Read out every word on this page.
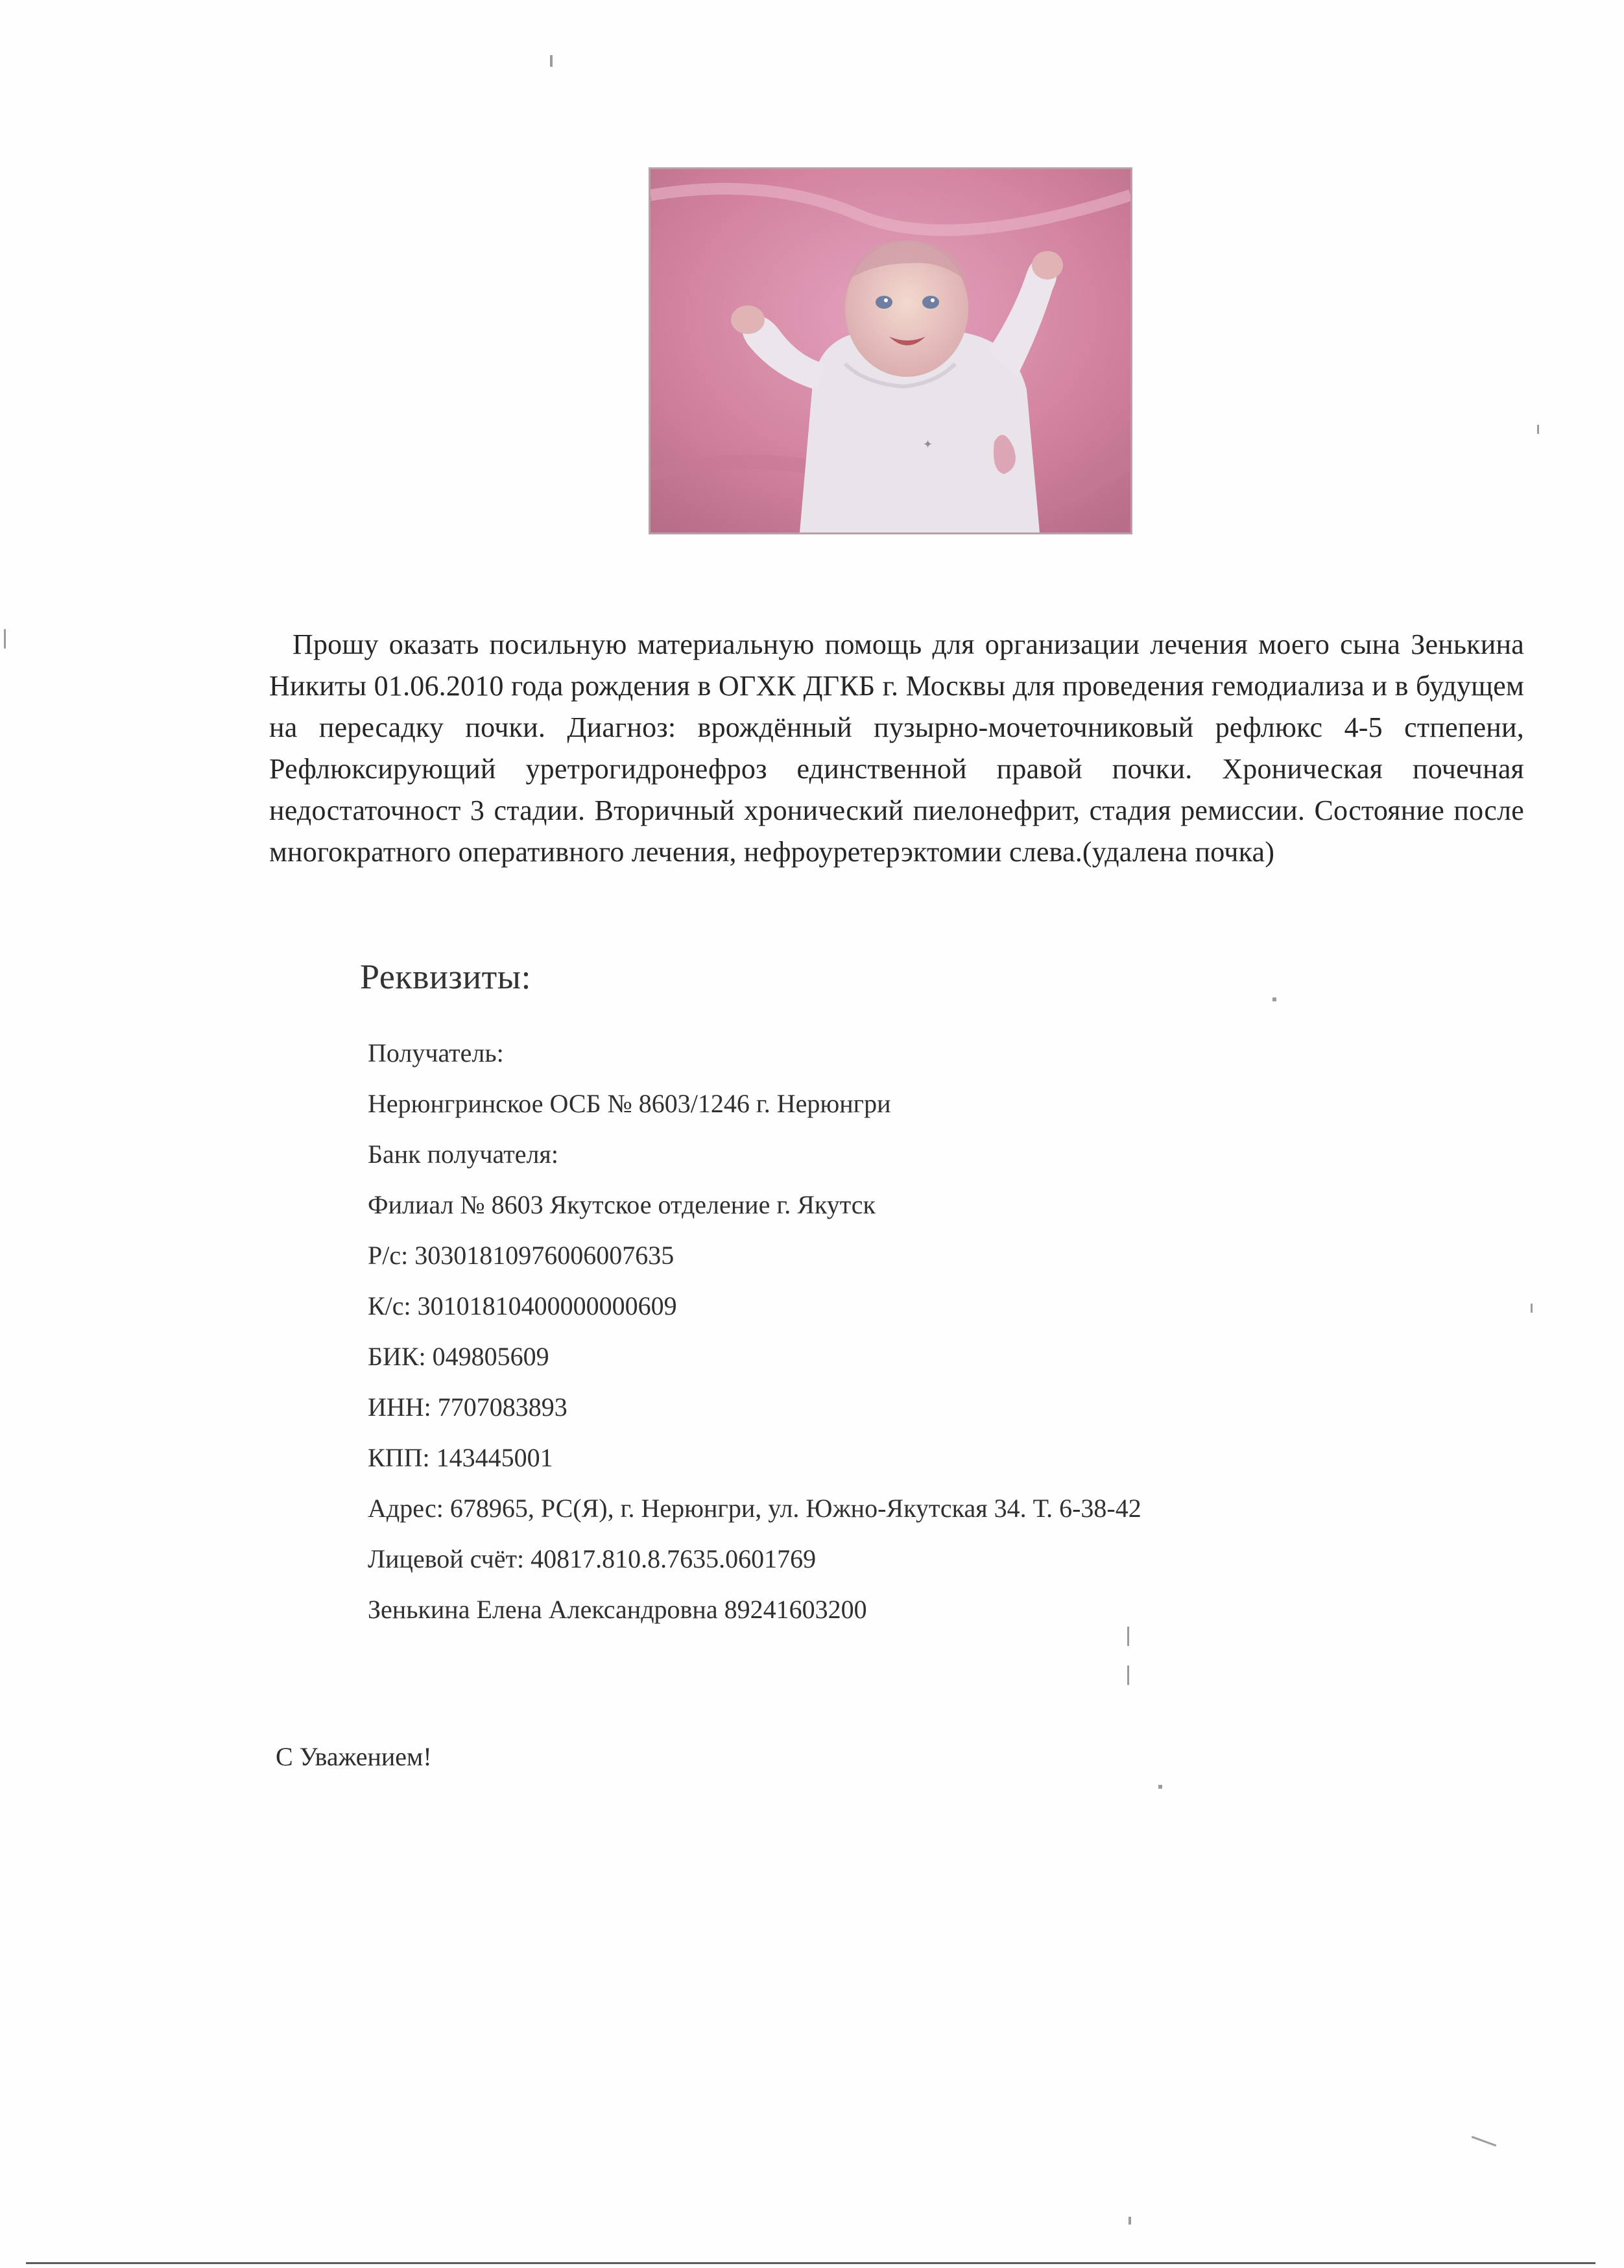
✦
Прошу оказать посильную материальную помощь для организации лечения моего сына Зенькина Никиты 01.06.2010 года рождения в ОГХК ДГКБ г. Москвы для проведения гемодиализа и в будущем на пересадку почки. Диагноз: врождённый пузырно-мочеточниковый рефлюкс 4-5 стпепени, Рефлюксирующий уретрогидронефроз единственной правой почки. Хроническая почечная недостаточност 3 стадии. Вторичный хронический пиелонефрит, стадия ремиссии. Состояние после многократного оперативного лечения, нефроуретерэктомии слева.(удалена почка)
Реквизиты:
Получатель:
Нерюнгринское ОСБ № 8603/1246 г. Нерюнгри
Банк получателя:
Филиал № 8603 Якутское отделение г. Якутск
Р/с: 30301810976006007635
К/с: 30101810400000000609
БИК: 049805609
ИНН: 7707083893
КПП: 143445001
Адрес: 678965, РС(Я), г. Нерюнгри, ул. Южно-Якутская 34. Т. 6-38-42
Лицевой счёт: 40817.810.8.7635.0601769
Зенькина Елена Александровна 89241603200
С Уважением!
